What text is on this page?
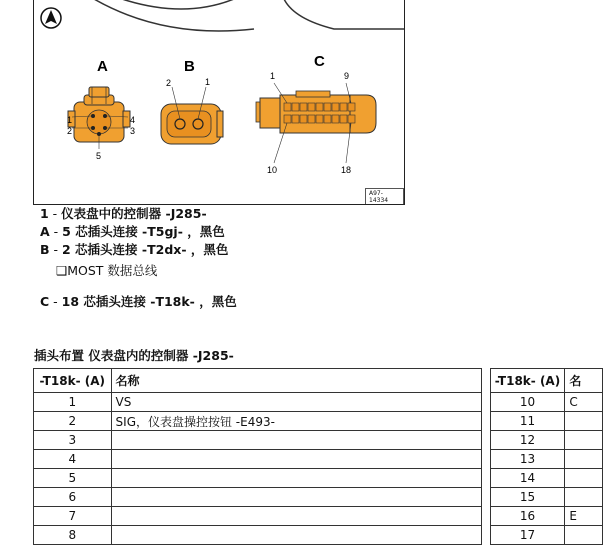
A
1
2	3
4
5
B
2	1
C
1	9
10	18
A97-14334
1 - 仪表盘中的控制器 -J285-
A - 5 芯插头连接 -T5gj- ，黑色
B - 2 芯插头连接 -T2dx- ，黑色
❑MOST 数据总线
C - 18 芯插头连接 -T18k- ，黑色
插头布置 仪表盘内的控制器 -J285-
-T18k- (A)	名称		-T18k- (A)	名
1	VS		10	C
2	SIG，仪表盘操控按钮 -E493-		11	
3			12	
4			13	
5			14	
6			15	
7			16	E
8			17	
